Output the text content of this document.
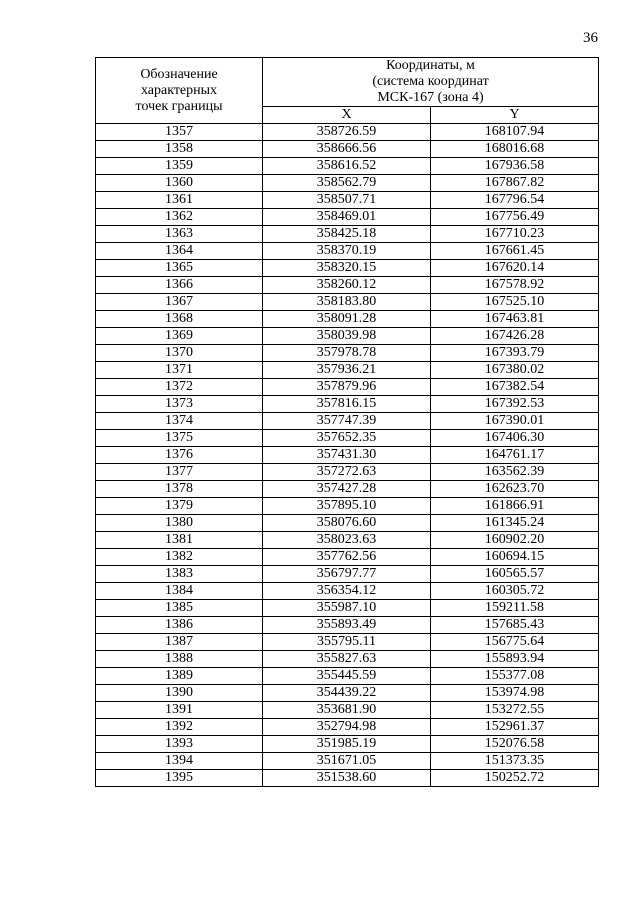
36
Обозначение
характерных
точек границы	Координаты, м
(система координат
МСК-167 (зона 4)	

	X	Y
1357	358726.59	168107.94
1358	358666.56	168016.68
1359	358616.52	167936.58
1360	358562.79	167867.82
1361	358507.71	167796.54
1362	358469.01	167756.49
1363	358425.18	167710.23
1364	358370.19	167661.45
1365	358320.15	167620.14
1366	358260.12	167578.92
1367	358183.80	167525.10
1368	358091.28	167463.81
1369	358039.98	167426.28
1370	357978.78	167393.79
1371	357936.21	167380.02
1372	357879.96	167382.54
1373	357816.15	167392.53
1374	357747.39	167390.01
1375	357652.35	167406.30
1376	357431.30	164761.17
1377	357272.63	163562.39
1378	357427.28	162623.70
1379	357895.10	161866.91
1380	358076.60	161345.24
1381	358023.63	160902.20
1382	357762.56	160694.15
1383	356797.77	160565.57
1384	356354.12	160305.72
1385	355987.10	159211.58
1386	355893.49	157685.43
1387	355795.11	156775.64
1388	355827.63	155893.94
1389	355445.59	155377.08
1390	354439.22	153974.98
1391	353681.90	153272.55
1392	352794.98	152961.37
1393	351985.19	152076.58
1394	351671.05	151373.35
1395	351538.60	150252.72
